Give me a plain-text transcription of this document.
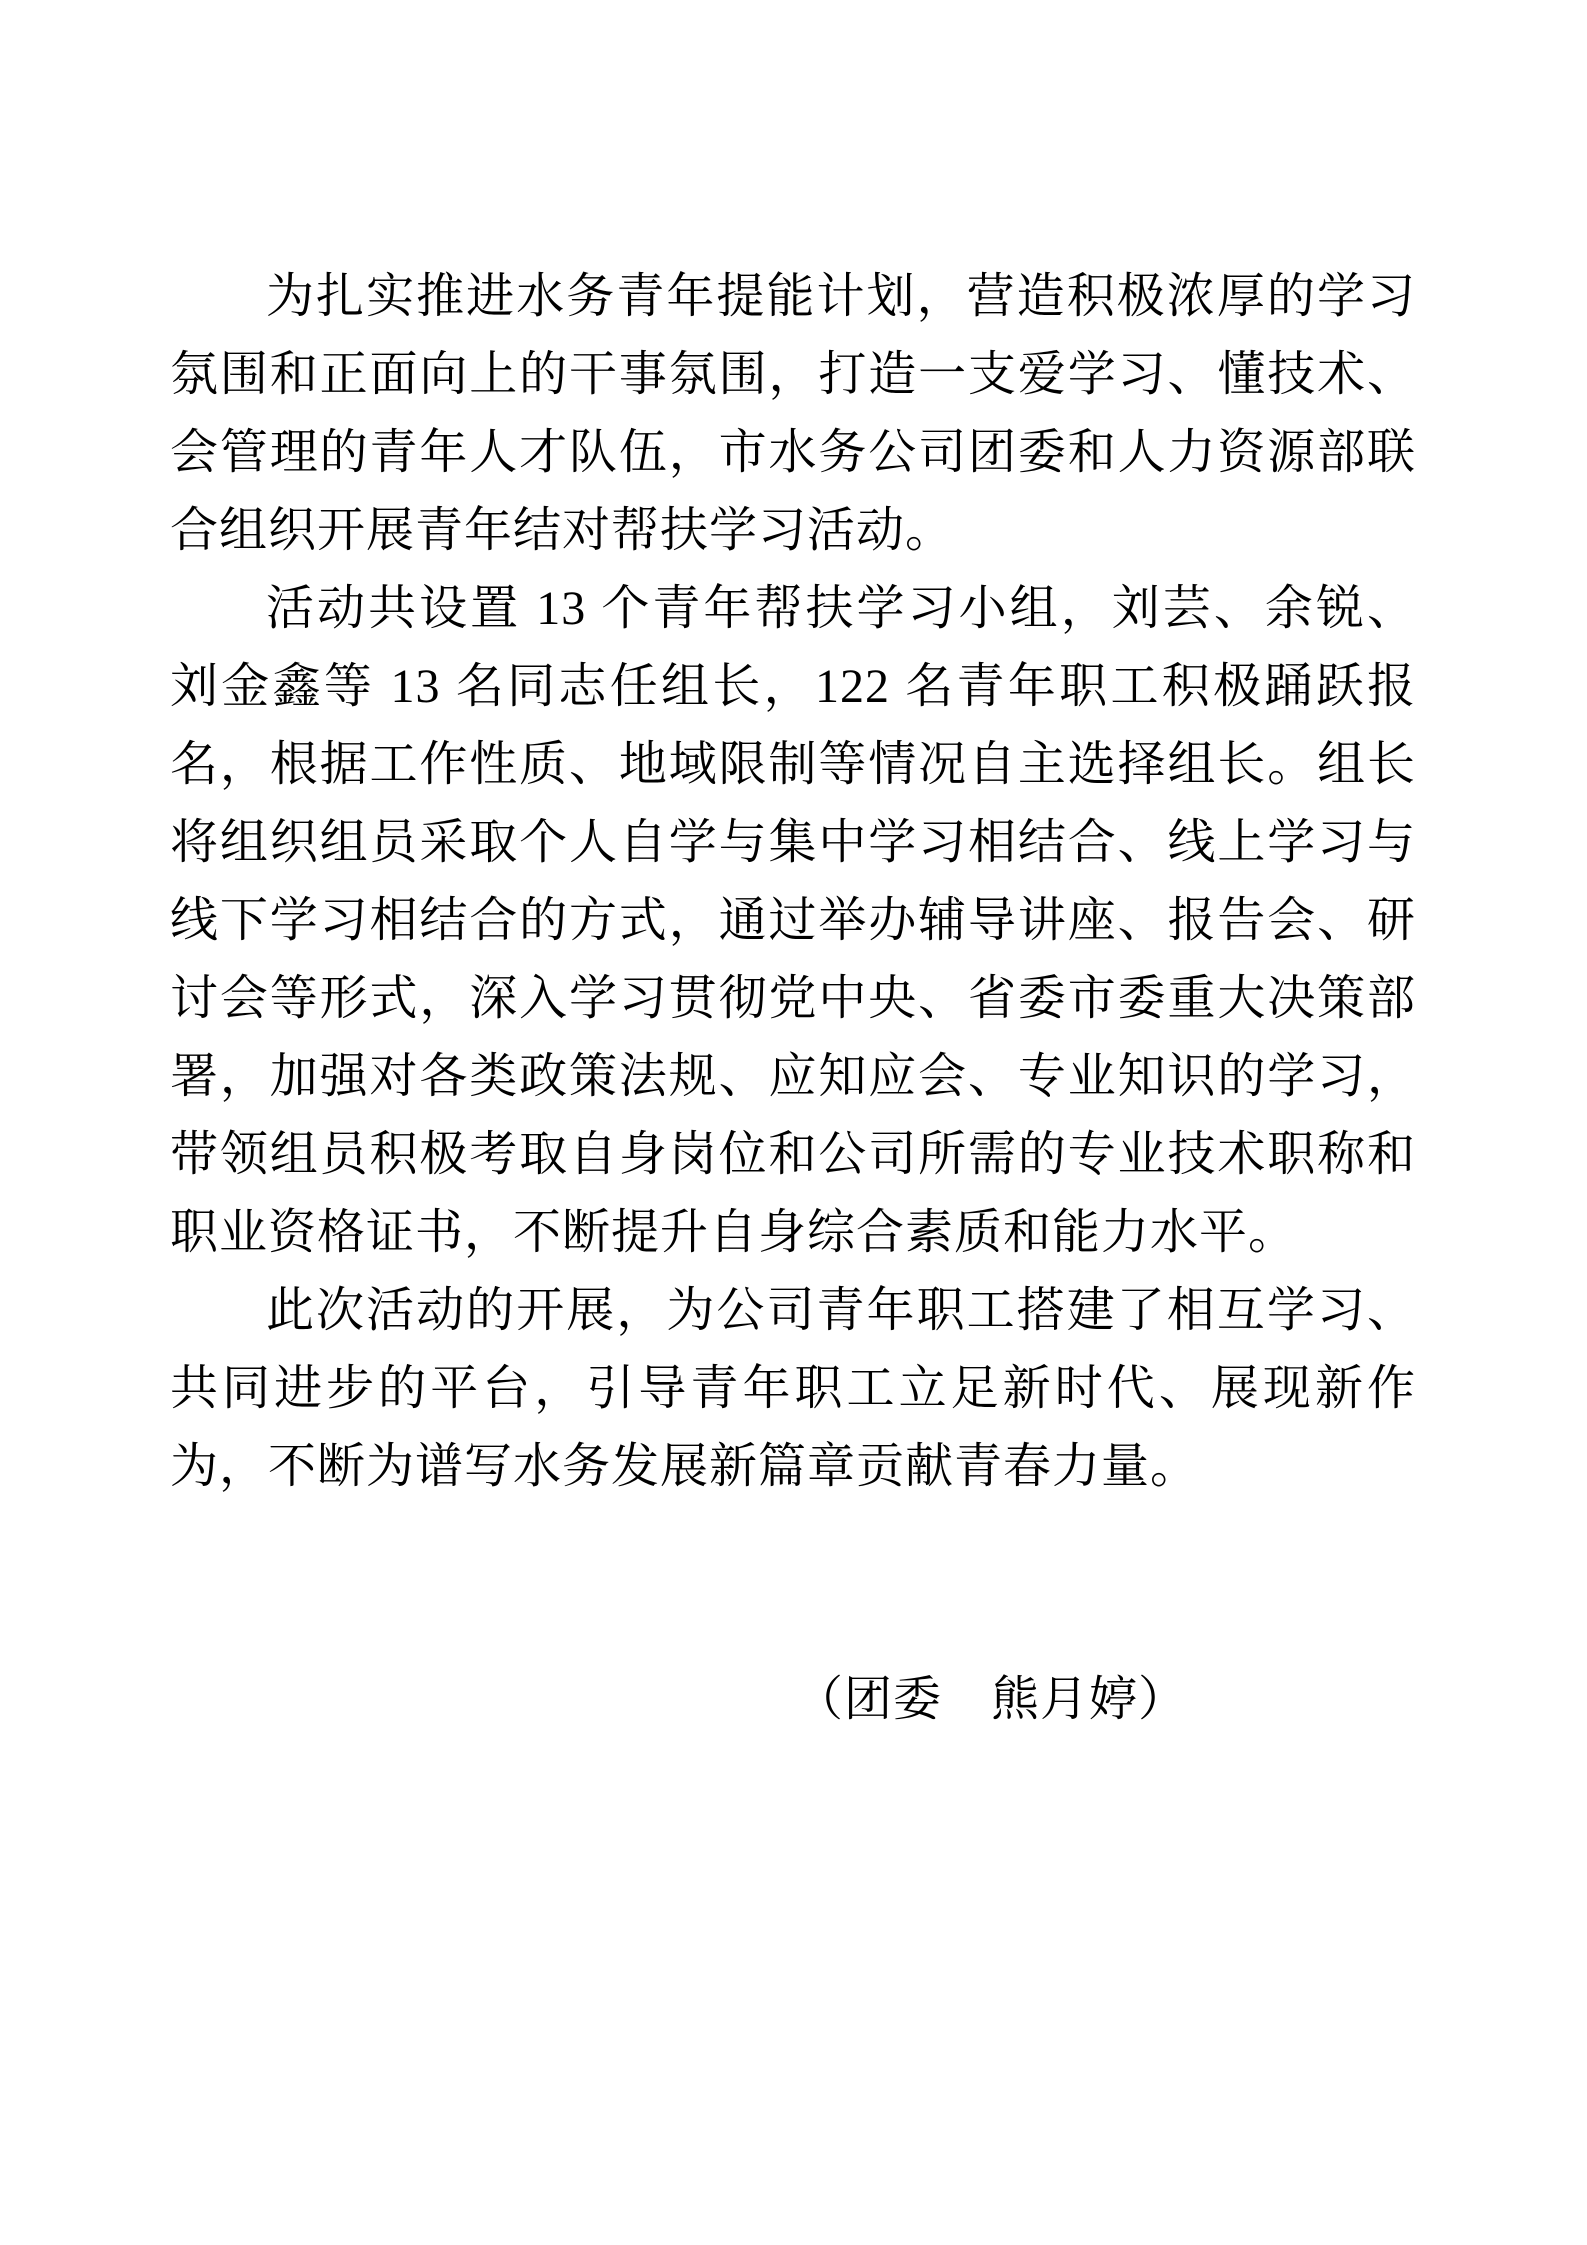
为扎实推进水务青年提能计划，营造积极浓厚的学习氛围和正面向上的干事氛围，打造一支爱学习、懂技术、会管理的青年人才队伍，市水务公司团委和人力资源部联合组织开展青年结对帮扶学习活动。

活动共设置 13 个青年帮扶学习小组，刘芸、余锐、刘金鑫等 13 名同志任组长，122 名青年职工积极踊跃报名，根据工作性质、地域限制等情况自主选择组长。组长将组织组员采取个人自学与集中学习相结合、线上学习与线下学习相结合的方式，通过举办辅导讲座、报告会、研讨会等形式，深入学习贯彻党中央、省委市委重大决策部署，加强对各类政策法规、应知应会、专业知识的学习，带领组员积极考取自身岗位和公司所需的专业技术职称和职业资格证书，不断提升自身综合素质和能力水平。

此次活动的开展，为公司青年职工搭建了相互学习、共同进步的平台，引导青年职工立足新时代、展现新作为，不断为谱写水务发展新篇章贡献青春力量。

（团委　熊月婷）
